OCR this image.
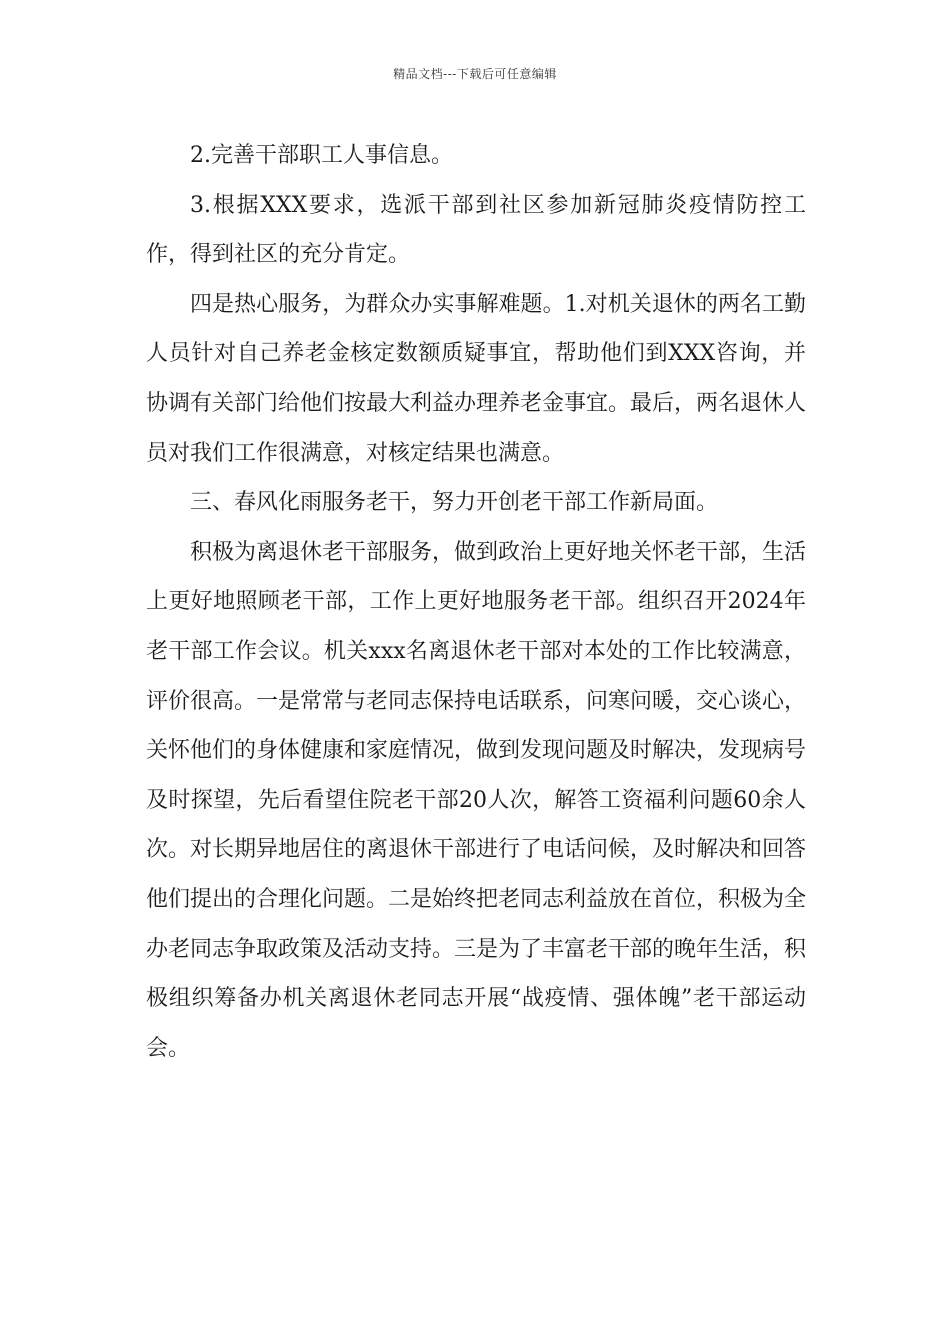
精品文档---下载后可任意编辑

2.完善干部职工人事信息。

3.根据XXX要求，选派干部到社区参加新冠肺炎疫情防控工作，得到社区的充分肯定。

四是热心服务，为群众办实事解难题。1.对机关退休的两名工勤人员针对自己养老金核定数额质疑事宜，帮助他们到XXX咨询，并协调有关部门给他们按最大利益办理养老金事宜。最后，两名退休人员对我们工作很满意，对核定结果也满意。

三、春风化雨服务老干，努力开创老干部工作新局面。

积极为离退休老干部服务，做到政治上更好地关怀老干部，生活上更好地照顾老干部，工作上更好地服务老干部。组织召开2024年老干部工作会议。机关xxx名离退休老干部对本处的工作比较满意，评价很高。一是常常与老同志保持电话联系，问寒问暖，交心谈心，关怀他们的身体健康和家庭情况，做到发现问题及时解决，发现病号及时探望，先后看望住院老干部20人次，解答工资福利问题60余人次。对长期异地居住的离退休干部进行了电话问候，及时解决和回答他们提出的合理化问题。二是始终把老同志利益放在首位，积极为全办老同志争取政策及活动支持。三是为了丰富老干部的晚年生活，积极组织筹备办机关离退休老同志开展“战疫情、强体魄”老干部运动会。
